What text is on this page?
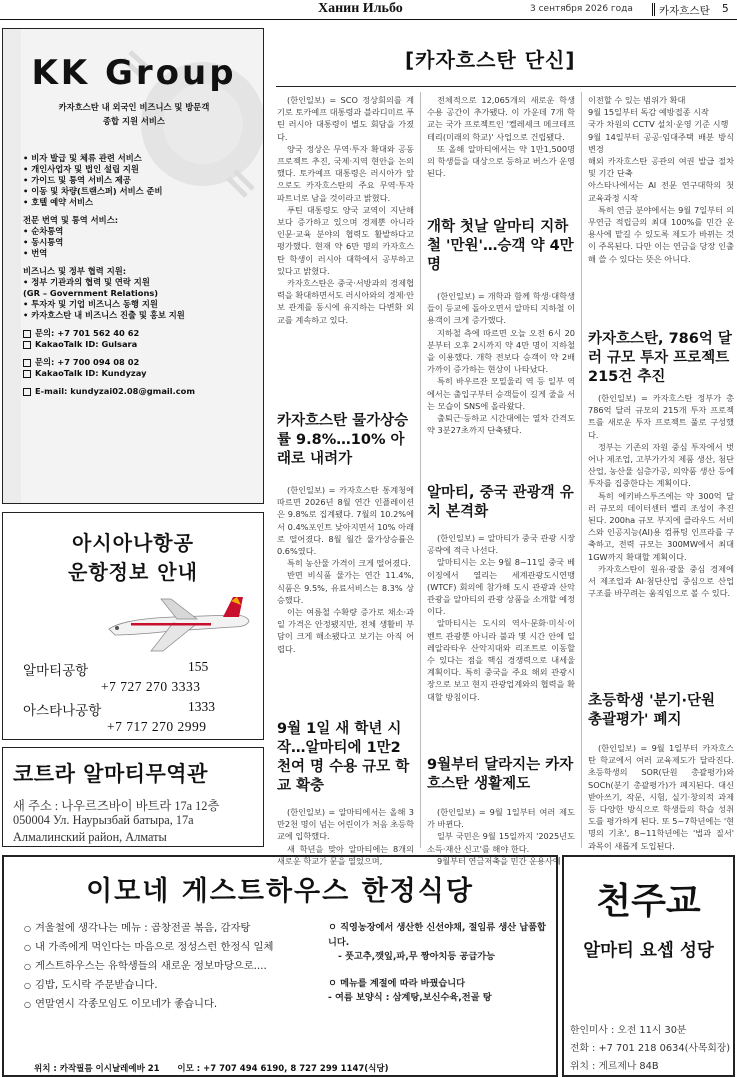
Ханин Ильбо	3 сентября 2026 года 카자흐스탄 5
KK Group
카자흐스탄 내 외국인 비즈니스 및 방문객
종합 지원 서비스

• 비자 발급 및 체류 관련 서비스

• 개인사업자 및 법인 설립 지원

• 가이드 및 통역 서비스 제공

• 이동 및 차량(트랜스퍼) 서비스 준비

• 호텔 예약 서비스

전문 번역 및 통역 서비스:

• 순차통역

• 동시통역

• 번역

비즈니스 및 정부 협력 지원:

• 정부 기관과의 협력 및 연락 지원

(GR – Government Relations)

• 투자자 및 기업 비즈니스 동행 지원

• 카자흐스탄 내 비즈니스 진출 및 홍보 지원

문의: +7 701 562 40 62

KakaoTalk ID: Gulsara

문의: +7 700 094 08 02

KakaoTalk ID: Kundyzay

E-mail: kundyzai02.08@gmail.com

아시아나항공
운항정보 안내
알마티공항	155
+7 727 270 3333
아스타나공항	1333
+7 717 270 2999
코트라 알마티무역관
새 주소 : 나우르즈바이 바트라 17a 12층
050004 Ул. Наурызбай батыра, 17а
Алмалинский район, Алматы
[카자흐스탄 단신]

(한인일보) = SCO 정상회의를 계기로 토카예프 대통령과 블라디미르 푸틴 러시아 대통령이 별도 회담을 가졌다.

양국 정상은 무역·투자 확대와 공동 프로젝트 추진, 국제·지역 현안을 논의했다. 토카예프 대통령은 러시아가 앞으로도 카자흐스탄의 주요 무역·투자 파트너로 남을 것이라고 밝혔다.

푸틴 대통령도 양국 교역이 지난해보다 증가하고 있으며 경제뿐 아니라 인문·교육 분야의 협력도 활발하다고 평가했다. 현재 약 6만 명의 카자흐스탄 학생이 러시아 대학에서 공부하고 있다고 밝혔다.

카자흐스탄은 중국·서방과의 경제협력을 확대하면서도 러시아와의 경제·안보 관계를 동시에 유지하는 다변화 외교를 계속하고 있다.

카자흐스탄 물가상승률 9.8%…10% 아래로 내려가

(한인일보) = 카자흐스탄 통계청에 따르면 2026년 8월 연간 인플레이션은 9.8%로 집계됐다. 7월의 10.2%에서 0.4%포인트 낮아지면서 10% 아래로 떨어졌다. 8월 월간 물가상승률은 0.6%였다.

특히 농산물 가격이 크게 떨어졌다.

반면 비식품 물가는 연간 11.4%, 식품은 9.5%, 유료서비스는 8.3% 상승했다.

이는 여름철 수확량 증가로 채소·과일 가격은 안정됐지만, 전체 생활비 부담이 크게 해소됐다고 보기는 아직 어렵다.

9월 1일 새 학년 시작…알마티에 1만2천여 명 수용 규모 학교 확충

(한인일보) = 알마티에서는 올해 3만2천 명이 넘는 어린이가 처음 초등학교에 입학했다.

새 학년을 맞아 알마티에는 8개의 새로운 학교가 문을 열었으며,

전체적으로 12,065개의 새로운 학생 수용 공간이 추가됐다. 이 가운데 7개 학교는 국가 프로젝트인 '켈레셰크 메크테프테리(미래의 학교)' 사업으로 건립됐다.

또 올해 알마티에서는 약 1만1,500명의 학생들을 대상으로 등하교 버스가 운영된다.

개학 첫날 알마티 지하철 '만원'…승객 약 4만 명

(한인일보) = 개학과 함께 학생·대학생들이 등교에 돌아오면서 알마티 지하철 이용객이 크게 증가했다.

지하철 측에 따르면 오늘 오전 6시 20분부터 오후 2시까지 약 4만 명이 지하철을 이용했다. 개학 전보다 승객이 약 2배 가까이 증가하는 현상이 나타났다.

특히 바우르잔 모밀울리 역 등 일부 역에서는 출입구부터 승객들이 길게 줄을 서는 모습이 SNS에 올라왔다.

출퇴근·등하교 시간대에는 열차 간격도 약 3분27초까지 단축됐다.

알마티, 중국 관광객 유치 본격화

(한인일보) = 알마티가 중국 관광 시장 공략에 적극 나선다.

알마티시는 오는 9월 8~11일 중국 베이징에서 열리는 세계관광도시연맹(WTCF) 회의에 참가해 도시 관광과 산악관광을 알마티의 관광 상품을 소개할 예정이다.

알마티시는 도시의 역사·문화·미식·이벤트 관광뿐 아니라 불과 몇 시간 안에 일레알라타우 산악지대와 리조트로 이동할 수 있다는 점을 핵심 경쟁력으로 내세울 계획이다. 특히 중국을 주요 해외 관광시장으로 보고 현지 관광업계와의 협력을 확대할 방침이다.

9월부터 달라지는 카자흐스탄 생활제도

(한인일보) = 9월 1일부터 여러 제도가 바뀐다.

일부 국민은 9월 15일까지 '2025년도 소득·재산 신고'를 해야 한다.

9월부터 연금저축을 민간 운용사에

이전할 수 있는 범위가 확대

9월 15일부터 독감 예방접종 시작

국가 차원의 CCTV 설치·운영 기준 시행

9월 14일부터 공공·임대주택 배분 방식 변경

해외 카자흐스탄 공관의 여권 발급 절차 및 기간 단축

아스타나에서는 AI 전문 연구대학의 첫 교육과정 시작

특히 연금 분야에서는 9월 7일부터 의무연금 적립금의 최대 100%를 민간 운용사에 맡길 수 있도록 제도가 바뀌는 것이 주목된다. 다만 이는 연금을 당장 인출해 쓸 수 있다는 뜻은 아니다.

카자흐스탄, 786억 달러 규모 투자 프로젝트 215건 추진

(한인일보) = 카자흐스탄 정부가 총 786억 달러 규모의 215개 투자 프로젝트를 새로운 투자 프로젝트 풀로 구성했다.

정부는 기존의 자원 중심 투자에서 벗어나 제조업, 고부가가치 제품 생산, 첨단산업, 농산물 심층가공, 의약품 생산 등에 투자를 집중한다는 계획이다.

특히 에키바스투즈에는 약 300억 달러 규모의 데이터센터 밸리 조성이 추진된다. 200ha 규모 부지에 클라우드 서비스와 인공지능(AI)용 컴퓨팅 인프라를 구축하고, 전력 규모는 300MW에서 최대 1GW까지 확대할 계획이다.

카자흐스탄이 원유·광물 중심 경제에서 제조업과 AI·첨단산업 중심으로 산업구조를 바꾸려는 움직임으로 볼 수 있다.

초등학생 '분기·단원 총괄평가' 폐지

(한인일보) = 9월 1일부터 카자흐스탄 학교에서 여러 교육제도가 달라진다. 초등학생의 SOR(단원 총괄평가)와 SOCh(분기 총괄평가)가 폐지된다. 대신 받아쓰기, 작문, 시험, 실기·창의적 과제 등 다양한 방식으로 학생들의 학습 성취도를 평가하게 된다. 또 5~7학년에는 '현명의 기초', 8~11학년에는 '법과 질서' 과목이 새롭게 도입된다.

이모네 게스트하우스 한정식당

○ 겨울철에 생각나는 메뉴 : 곱창전골 볶음, 감자탕

○ 내 가족에게 먹인다는 마음으로 정성스런 한정식 일체

○ 게스트하우스는 유학생들의 새로운 정보마당으로....

○ 김밥, 도시락 주문받습니다.

○ 연말연시 각종모임도 이모네가 좋습니다.

ㅇ 직영농장에서 생산한 신선야채, 절임류 생산 납품합니다.

- 풋고추,깻잎,파,무 짱아치등 공급가능

ㅇ 메뉴를 계절에 따라 바꿨습니다

- 여름 보양식 : 삼계탕,보신수육,전골 탕

위치 : 카작필름 이시날레예바 21      이모 : +7 707 494 6190, 8 727 299 1147(식당)
천주교
알마티 요셉 성당
한인미사 : 오전 11시 30분
전화 : +7 701 218 0634(사목회장)
위치 : 게르제나 84B
